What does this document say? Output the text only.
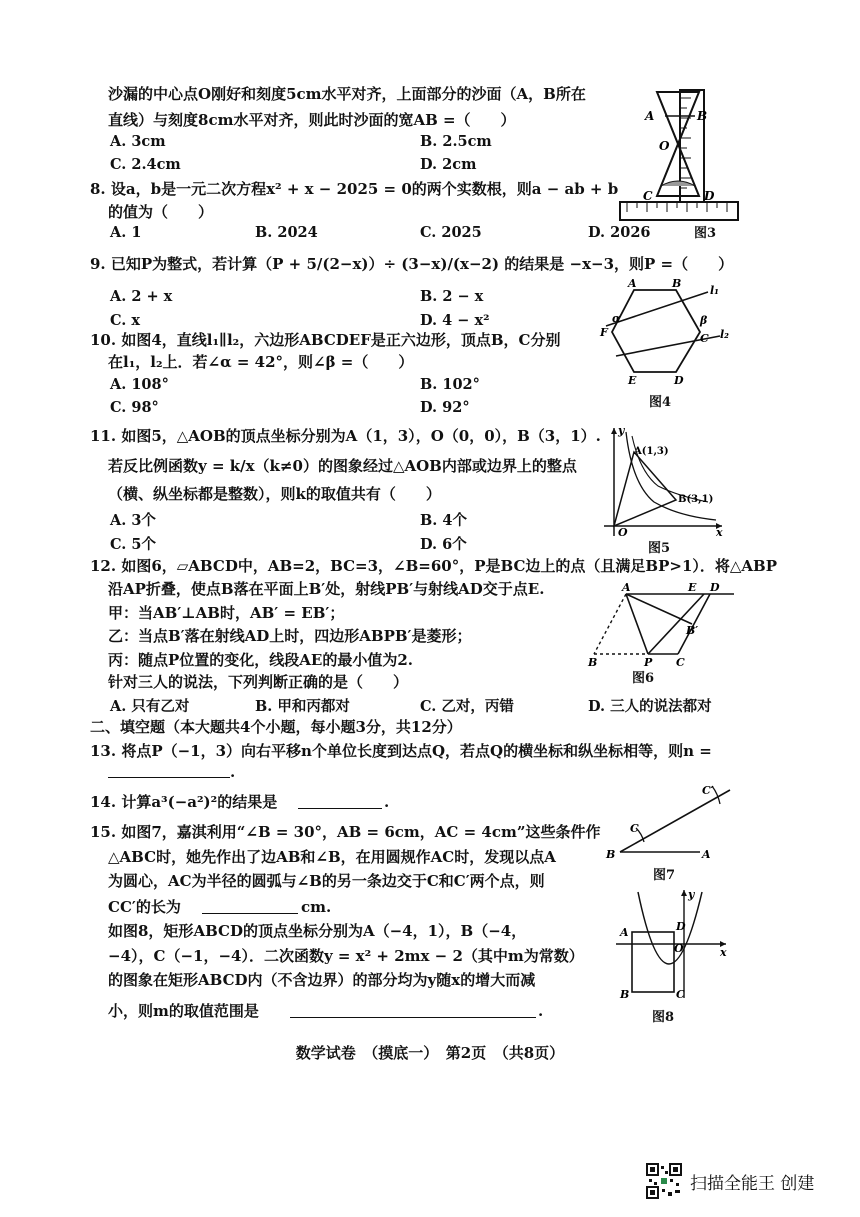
沙漏的中心点O刚好和刻度5cm水平对齐，上面部分的沙面（A，B所在
直线）与刻度8cm水平对齐，则此时沙面的宽AB =（　　）
A. 3cm	B. 2.5cm
C. 2.4cm	D. 2cm
A	B
O
C	D
图3
8. 设a，b是一元二次方程x² + x − 2025 = 0的两个实数根，则a − ab + b
的值为（　　）
A. 1	B. 2024	C. 2025	D. 2026
9. 已知P为整式，若计算（P + 5/(2−x)）÷ (3−x)/(x−2) 的结果是 −x−3，则P =（　　）
A. 2 + x	B. 2 − x
C. x	D. 4 − x²
A	B
l₁
l₂
C
β
α
F
E	D
图4
10. 如图4，直线l₁∥l₂，六边形ABCDEF是正六边形，顶点B，C分别
在l₁，l₂上．若∠α = 42°，则∠β =（　　）
A. 108°	B. 102°
C. 98°	D. 92°
11. 如图5，△AOB的顶点坐标分别为A（1，3），O（0，0），B（3，1）.
若反比例函数y = k/x（k≠0）的图象经过△AOB内部或边界上的整点
（横、纵坐标都是整数），则k的取值共有（　　）
A. 3个	B. 4个
C. 5个	D. 6个
O	x
y
A(1,3)
B(3,1)
图5
12. 如图6，▱ABCD中，AB=2，BC=3，∠B=60°，P是BC边上的点（且满足BP>1）．将△ABP
沿AP折叠，使点B落在平面上B′处，射线PB′与射线AD交于点E.
甲：当AB′⊥AB时，AB′ = EB′；
乙：当点B′落在射线AD上时，四边形ABPB′是菱形；
丙：随点P位置的变化，线段AE的最小值为2.
针对三人的说法，下列判断正确的是（　　）
A. 只有乙对	B. 甲和丙都对	C. 乙对，丙错	D. 三人的说法都对
A	E D
B′
B	P C
图6
二、填空题（本大题共4个小题，每小题3分，共12分）
13. 将点P（−1，3）向右平移n个单位长度到达点Q，若点Q的横坐标和纵坐标相等，则n =
.
14. 计算a³(−a²)²的结果是	.
15. 如图7，嘉淇利用“∠B = 30°，AB = 6cm，AC = 4cm”这些条件作
△ABC时，她先作出了边AB和∠B，在用圆规作AC时，发现以点A
为圆心，AC为半径的圆弧与∠B的另一条边交于C和C′两个点，则
CC′的长为	cm.
B	A
C
C′
图7
如图8，矩形ABCD的顶点坐标分别为A（−4，1），B（−4，
−4），C（−1，−4）．二次函数y = x² + 2mx − 2（其中m为常数）
的图象在矩形ABCD内（不含边界）的部分均为y随x的增大而减
小，则m的取值范围是	.
A
B	C
D
O	x
y
图8
数学试卷　（摸底一）　第2页　（共8页）
扫描全能王 创建
